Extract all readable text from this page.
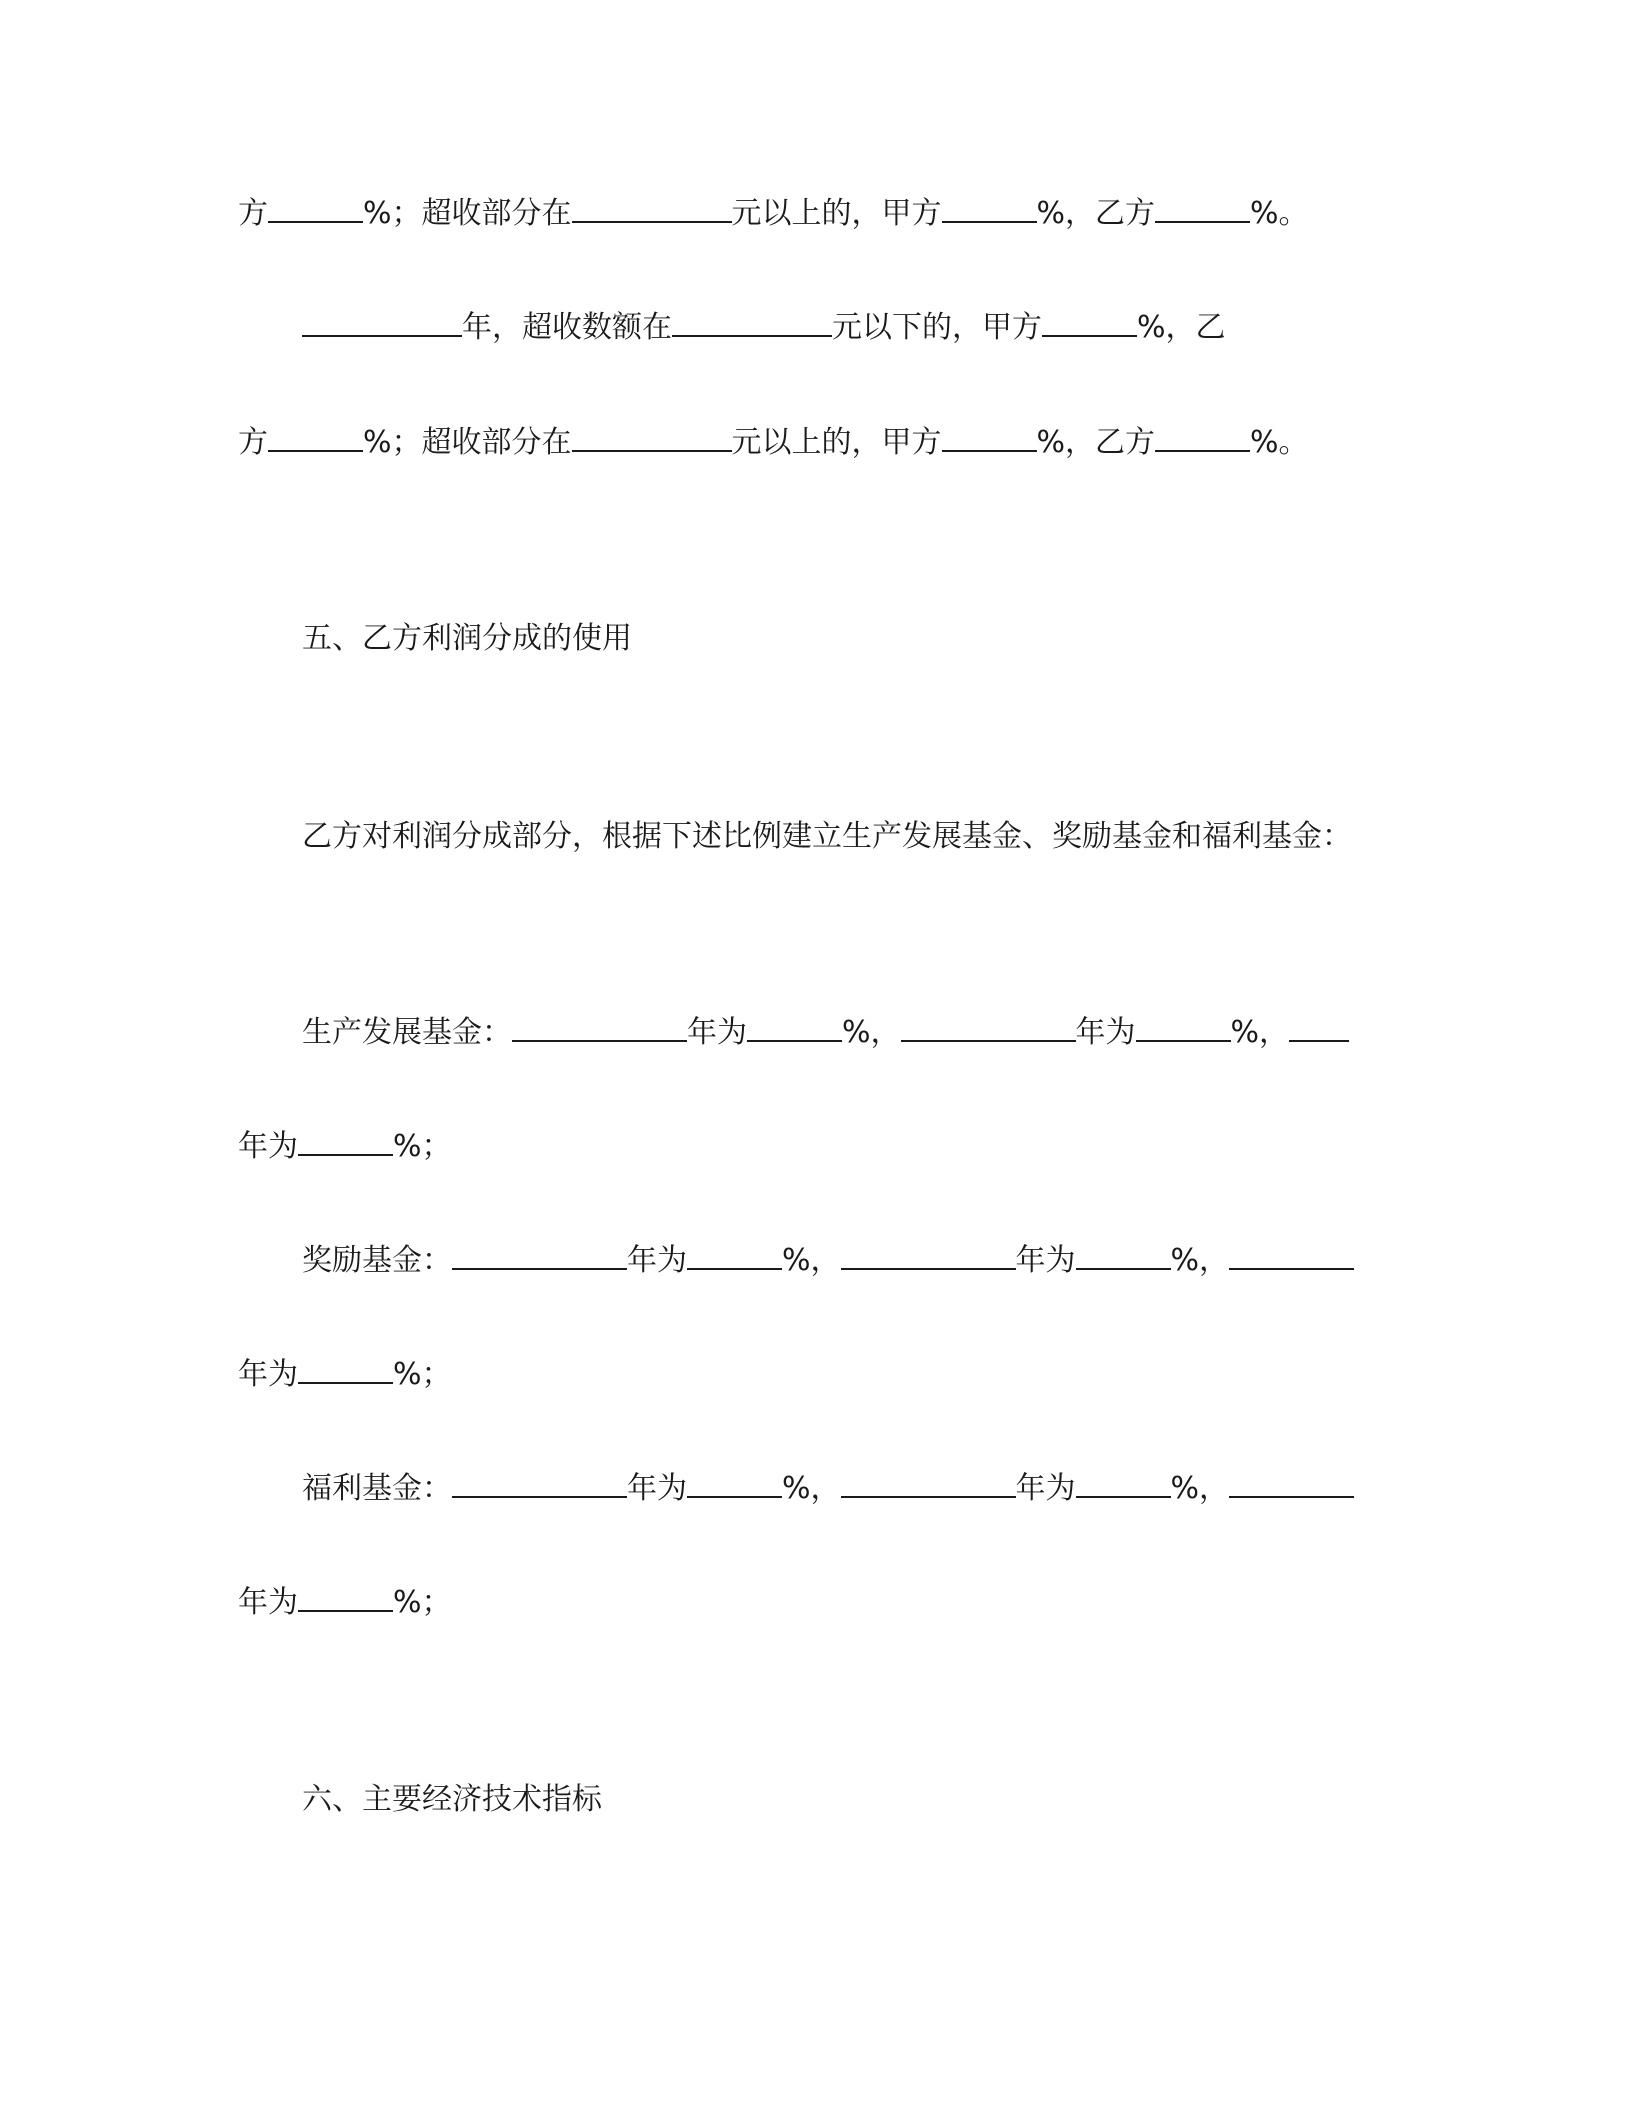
方	%；超收部分在	元以上的，甲方	%，乙方	%。
年，超收数额在	元以下的，甲方	%，乙
方	%；超收部分在	元以上的，甲方	%，乙方	%。
五、乙方利润分成的使用
乙方对利润分成部分，根据下述比例建立生产发展基金、奖励基金和福利基金：
生产发展基金：	年为	%，	年为	%，
年为	%；
奖励基金：	年为	%，	年为	%，
年为	%；
福利基金：	年为	%，	年为	%，
年为	%；
六、主要经济技术指标
